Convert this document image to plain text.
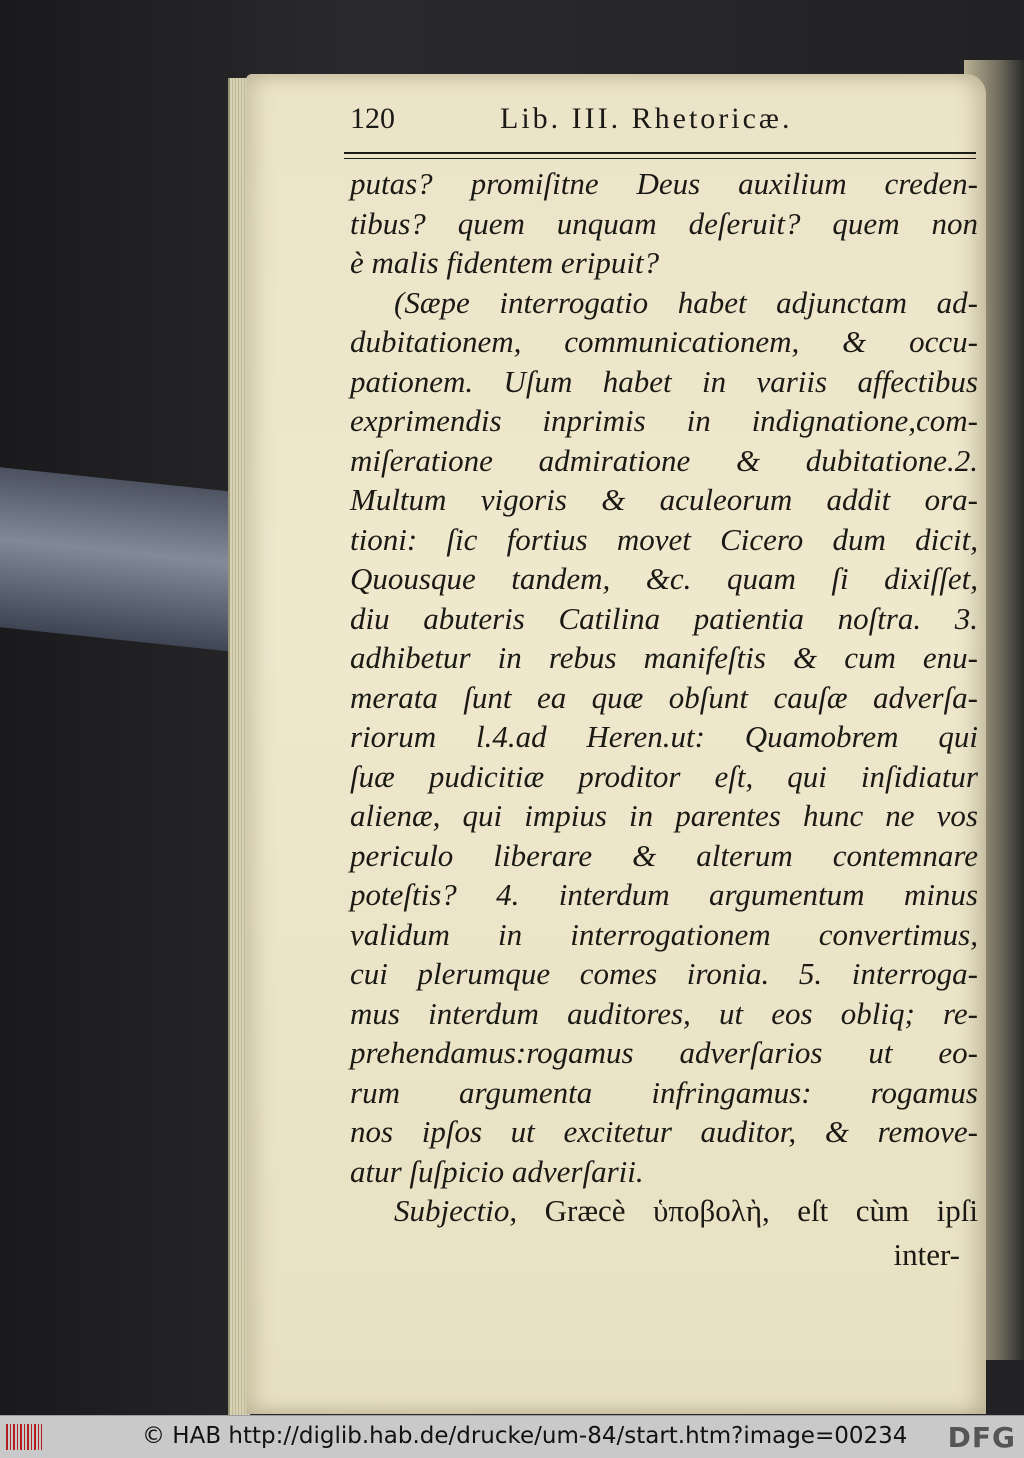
120	Lib. III. Rhetoricæ.
putas? promiſitne Deus auxilium creden-
tibus? quem unquam deſeruit? quem non
è malis fidentem eripuit?
(Sæpe interrogatio habet adjunctam ad-
dubitationem, communicationem, & occu-
pationem. Uſum habet in variis affectibus
exprimendis inprimis in indignatione,com-
miſeratione admiratione & dubitatione.2.
Multum vigoris & aculeorum addit ora-
tioni: ſic fortius movet Cicero dum dicit,
Quousque tandem, &c. quam ſi dixiſſet,
diu abuteris Catilina patientia noſtra. 3.
adhibetur in rebus manifeſtis & cum enu-
merata ſunt ea quæ obſunt cauſæ adverſa-
riorum l.4.ad Heren.ut: Quamobrem qui
ſuæ pudicitiæ proditor eſt, qui inſidiatur
alienæ, qui impius in parentes hunc ne vos
periculo liberare & alterum contemnare
poteſtis? 4. interdum argumentum minus
validum in interrogationem convertimus,
cui plerumque comes ironia. 5. interroga-
mus interdum auditores, ut eos obliq; re-
prehendamus:rogamus adverſarios ut eo-
rum argumenta infringamus: rogamus
nos ipſos ut excitetur auditor, & remove-
atur ſuſpicio adverſarii.
Subjectio, Græcè ὑποβολὴ, eſt cùm ipſi
inter-
© HAB http://diglib.hab.de/drucke/um-84/start.htm?image=00234 DFG
